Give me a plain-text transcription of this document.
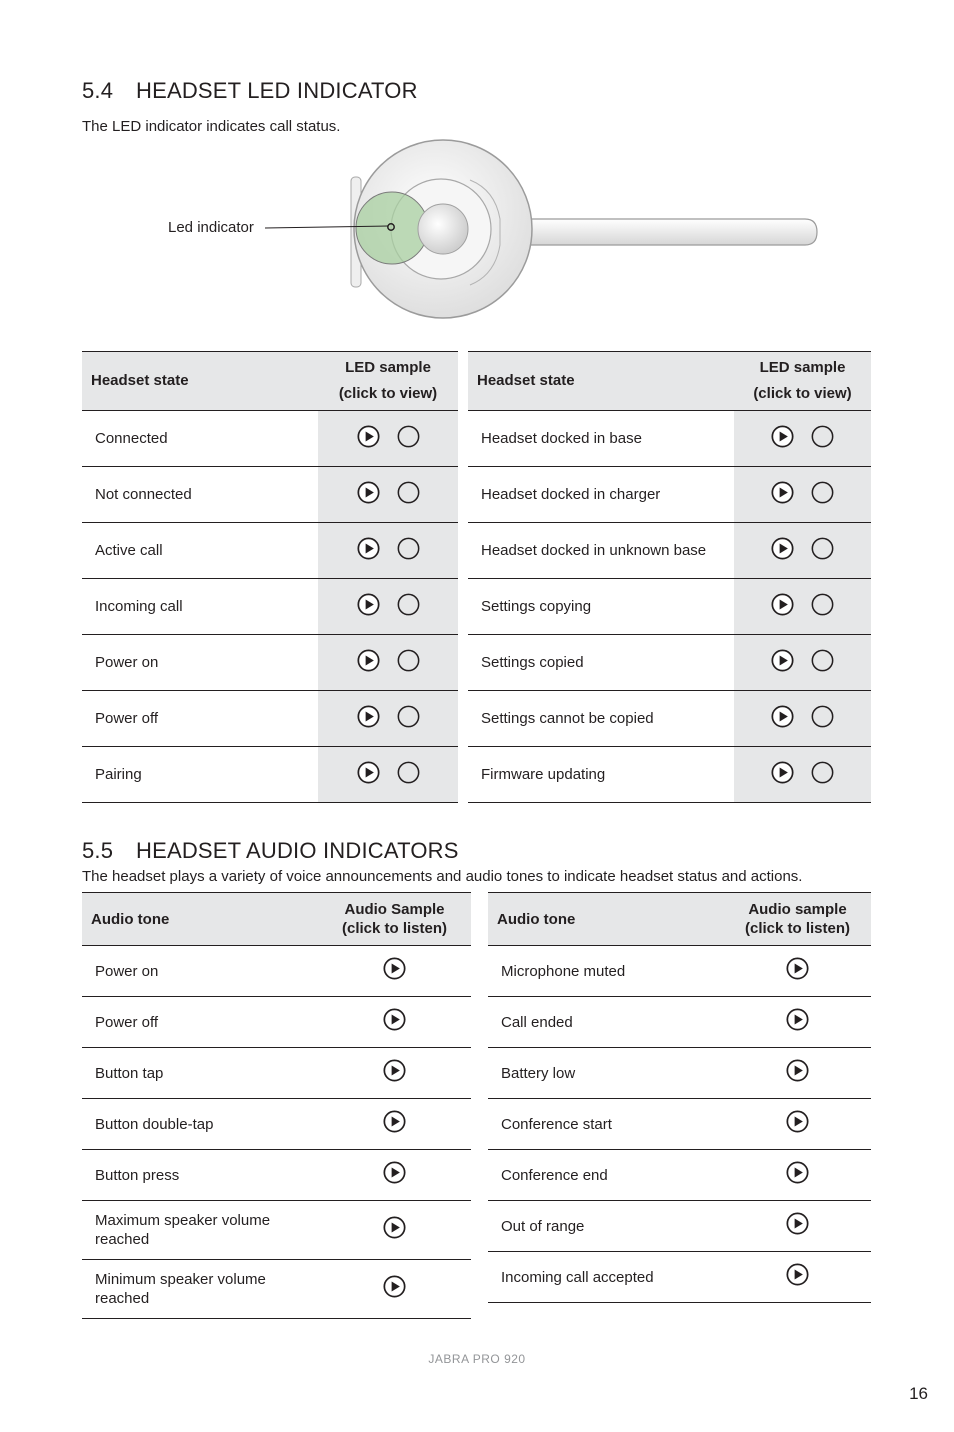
5.4 HEADSET LED INDICATOR

The LED indicator indicates call status.

Led indicator
Headset state	LED sample
(click to view)

Connected	

Not connected	

Active call	

Incoming call	

Power on	

Power off	

Pairing	
Headset state	LED sample
(click to view)

Headset docked in base	

Headset docked in charger	

Headset docked in unknown base	

Settings copying	

Settings copied	

Settings cannot be copied	

Firmware updating	
5.5 HEADSET AUDIO INDICATORS

The headset plays a variety of voice announcements and audio tones to indicate headset status and actions.

Audio tone	Audio Sample
(click to listen)

Power on

Power off

Button tap

Button double-tap

Button press

Maximum speaker volume
reached

Minimum speaker volume
reached

Audio tone	Audio sample
(click to listen)

Microphone muted

Call ended

Battery low

Conference start

Conference end

Out of range

Incoming call accepted

JABRA PRO 920
16
